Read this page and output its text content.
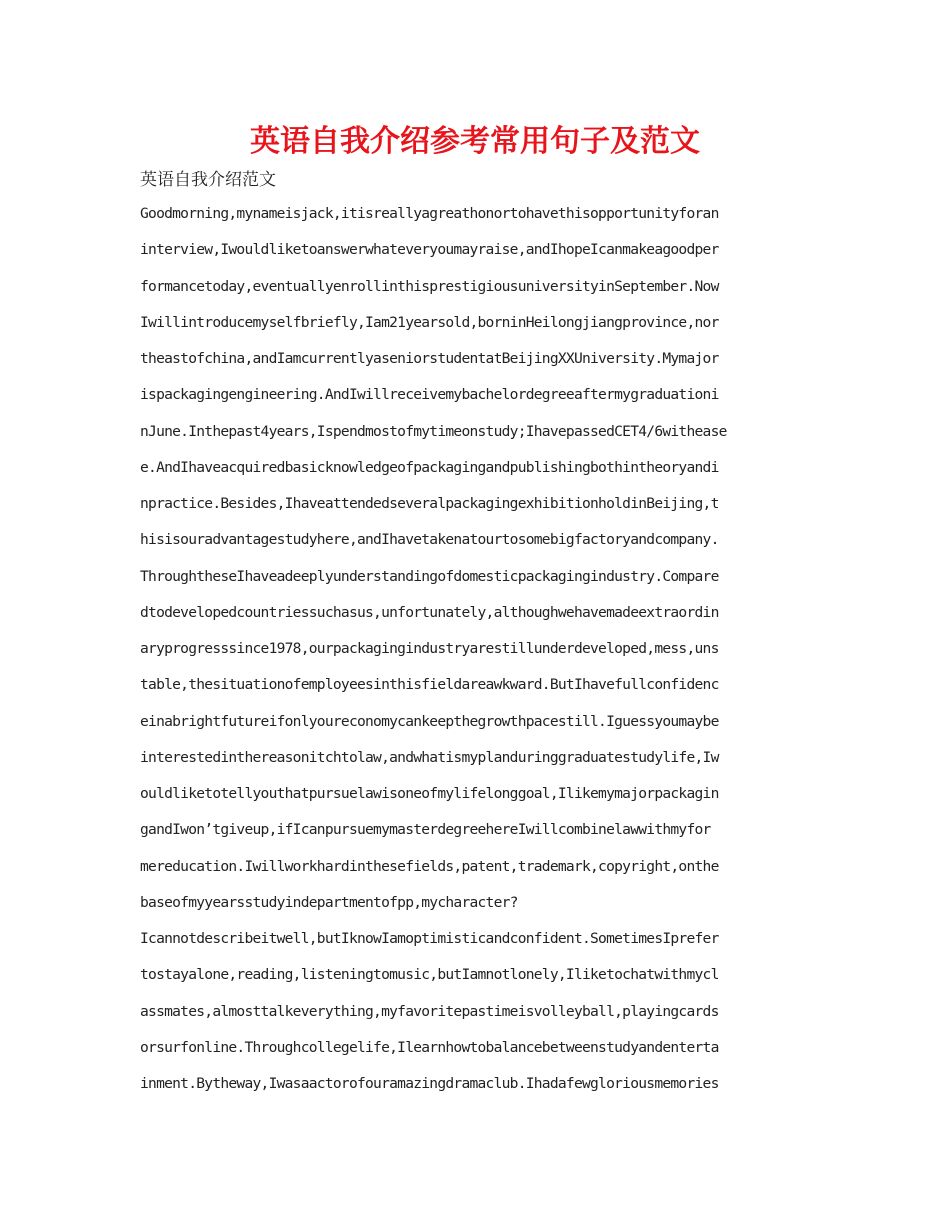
英语自我介绍参考常用句子及范文

英语自我介绍范文

Goodmorning,mynameisjack,itisreallyagreathonortohavethisopportunityforan
interview,Iwouldliketoanswerwhateveryoumayraise,andIhopeIcanmakeagoodper
formancetoday,eventuallyenrollinthisprestigiousuniversityinSeptember.Now
Iwillintroducemyselfbriefly,Iam21yearsold,borninHeilongjiangprovince,nor
theastofchina,andIamcurrentlyaseniorstudentatBeijingXXUniversity.Mymajor
ispackagingengineering.AndIwillreceivemybachelordegreeaftermygraduationi
nJune.Inthepast4years,Ispendmostofmytimeonstudy;IhavepassedCET4/6withease
e.AndIhaveacquiredbasicknowledgeofpackagingandpublishingbothintheoryandi
npractice.Besides,IhaveattendedseveralpackagingexhibitionholdinBeijing,t
hisisouradvantagestudyhere,andIhavetakenatourtosomebigfactoryandcompany.
ThroughtheseIhaveadeeplyunderstandingofdomesticpackagingindustry.Compare
dtodevelopedcountriessuchasus,unfortunately,althoughwehavemadeextraordin
aryprogresssince1978,ourpackagingindustryarestillunderdeveloped,mess,uns
table,thesituationofemployeesinthisfieldareawkward.ButIhavefullconfidenc
einabrightfutureifonlyoureconomycankeepthegrowthpacestill.Iguessyoumaybe
interestedinthereasonitchtolaw,andwhatismyplanduringgraduatestudylife,Iw
ouldliketotellyouthatpursuelawisoneofmylifelonggoal,Ilikemymajorpackagin
gandIwon’tgiveup,ifIcanpursuemymasterdegreehereIwillcombinelawwithmyfor
mereducation.Iwillworkhardinthesefields,patent,trademark,copyright,onthe
baseofmyyearsstudyindepartmentofpp,mycharacter?
Icannotdescribeitwell,butIknowIamoptimisticandconfident.SometimesIprefer
tostayalone,reading,listeningtomusic,butIamnotlonely,Iliketochatwithmycl
assmates,almosttalkeverything,myfavoritepastimeisvolleyball,playingcards
orsurfonline.Throughcollegelife,Ilearnhowtobalancebetweenstudyandenterta
inment.Bytheway,Iwasaactorofouramazingdramaclub.Ihadafewgloriousmemories
